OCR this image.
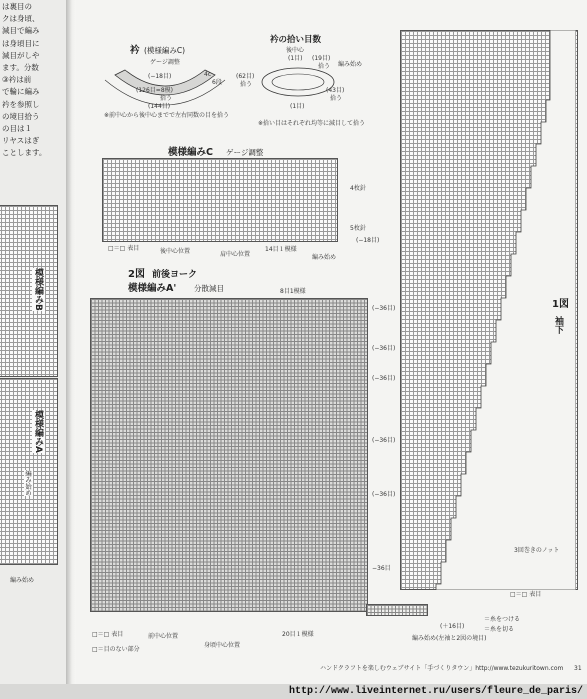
は裏目の
クは身頃、
減目で編み
は身頃目に
減目がしや
ます。分数
③衿は前
で輪に編み
衿を参照し
の境目拾う
の目は１
リヤスはぎ
ことします。
模様編みB
模様編みA
編み始め
編み始め
衿 (模様編みC)
ゲージ調整
(−18目)
(126目=8模)
拾う
(144目)
4c
6段
※前中心から後中心までで左右同数の目を拾う
衿の拾い目数
後中心
(1目) (19目)
拾う 編み始め
(62目)
拾う
(43目)
拾う
(1目)
※拾い目はそれぞれ均等に減目して拾う
模様編みC ゲージ調整
4枚針
5枚針
(−18目)
□＝□ 表目	後中心位置	肩中心位置
14目１模様
編み始め
2図 前後ヨーク
模様編みA' 分散減目	8目1模様
(−36目)
(−36目)
(−36目)
(−36目)
(−36目)
−36目
(＋16目)
□＝□ 表目
□＝目のない部分
前中心位置
身頃中心位置
20目１模様
＝糸をつける
＝糸を切る
編み始め(左袖と2図の境目)
1図
袖下
3回巻きのノット
□＝□ 表目
ハンドクラフトを楽しむウェブサイト「手づくりタウン」http://www.tezukuritown.com 31
http://www.liveinternet.ru/users/fleure_de_paris/
